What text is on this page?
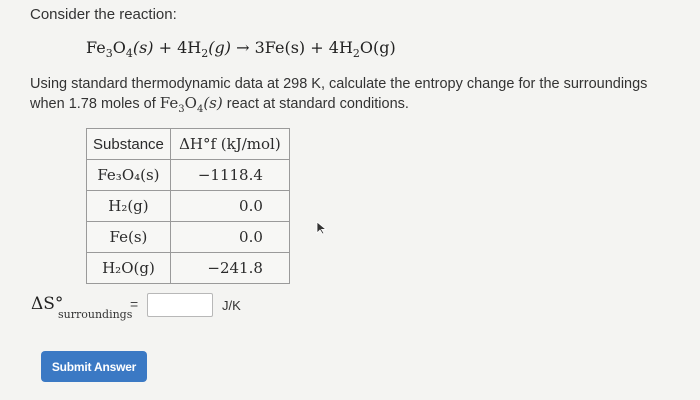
Consider the reaction:
$Fe_3O_4(s) + 4H_2(g) \to 3Fe(s) + 4H_2O(g)$
Using standard thermodynamic data at 298 K, calculate the entropy change for the surroundings when 1.78 moles of $Fe_3O_4(s)$ react at standard conditions.
Substance	ΔH°f (kJ/mol)
Fe₃O₄(s)	−1118.4
H₂(g)	0.0
Fe(s)	0.0
H₂O(g)	−241.8
ΔS°
surroundings
=	J/K
Submit Answer
